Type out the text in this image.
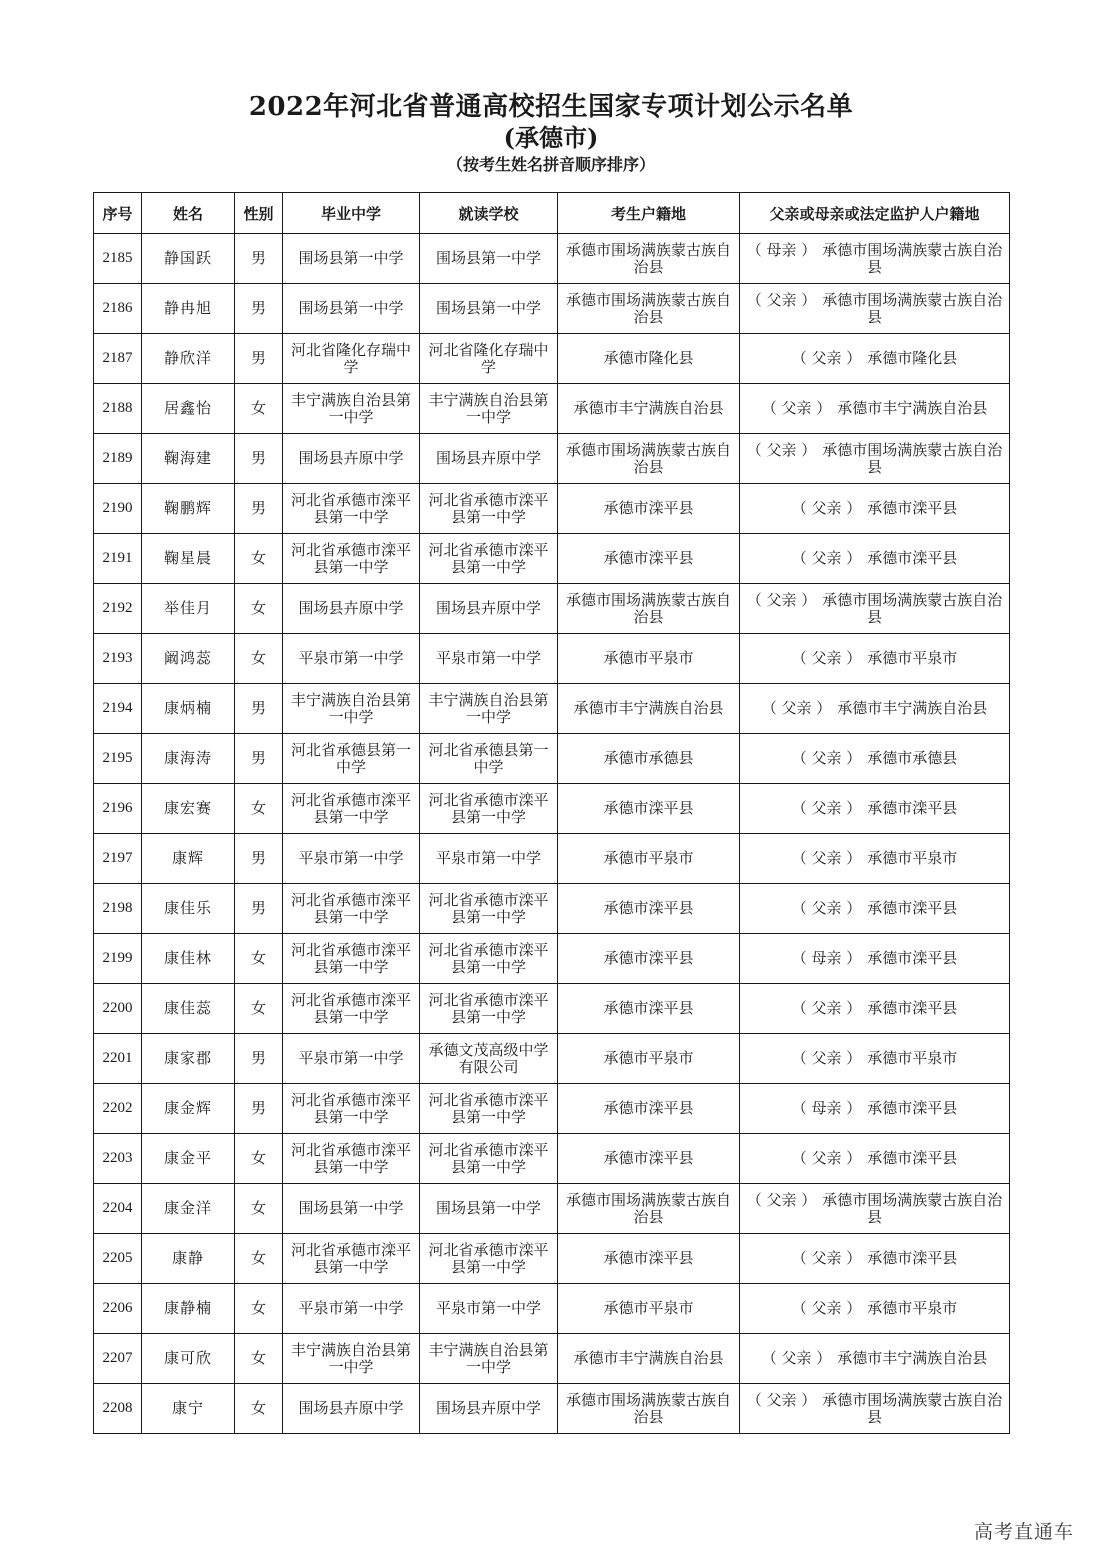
2022年河北省普通高校招生国家专项计划公示名单
(承德市)
（按考生姓名拼音顺序排序）
序号	姓名	性别	毕业中学	就读学校	考生户籍地	父亲或母亲或法定监护人户籍地
2185	静国跃	男	围场县第一中学	围场县第一中学	承德市围场满族蒙古族自治县	（ 母亲 ） 承德市围场满族蒙古族自治县
2186	静冉旭	男	围场县第一中学	围场县第一中学	承德市围场满族蒙古族自治县	（ 父亲 ） 承德市围场满族蒙古族自治县
2187	静欣洋	男	河北省隆化存瑞中学	河北省隆化存瑞中学	承德市隆化县	（ 父亲 ） 承德市隆化县
2188	居鑫怡	女	丰宁满族自治县第一中学	丰宁满族自治县第一中学	承德市丰宁满族自治县	（ 父亲 ） 承德市丰宁满族自治县
2189	鞠海建	男	围场县卉原中学	围场县卉原中学	承德市围场满族蒙古族自治县	（ 父亲 ） 承德市围场满族蒙古族自治县
2190	鞠鹏辉	男	河北省承德市滦平县第一中学	河北省承德市滦平县第一中学	承德市滦平县	（ 父亲 ） 承德市滦平县
2191	鞠星晨	女	河北省承德市滦平县第一中学	河北省承德市滦平县第一中学	承德市滦平县	（ 父亲 ） 承德市滦平县
2192	举佳月	女	围场县卉原中学	围场县卉原中学	承德市围场满族蒙古族自治县	（ 父亲 ） 承德市围场满族蒙古族自治县
2193	阚鸿蕊	女	平泉市第一中学	平泉市第一中学	承德市平泉市	（ 父亲 ） 承德市平泉市
2194	康炳楠	男	丰宁满族自治县第一中学	丰宁满族自治县第一中学	承德市丰宁满族自治县	（ 父亲 ） 承德市丰宁满族自治县
2195	康海涛	男	河北省承德县第一中学	河北省承德县第一中学	承德市承德县	（ 父亲 ） 承德市承德县
2196	康宏赛	女	河北省承德市滦平县第一中学	河北省承德市滦平县第一中学	承德市滦平县	（ 父亲 ） 承德市滦平县
2197	康辉	男	平泉市第一中学	平泉市第一中学	承德市平泉市	（ 父亲 ） 承德市平泉市
2198	康佳乐	男	河北省承德市滦平县第一中学	河北省承德市滦平县第一中学	承德市滦平县	（ 父亲 ） 承德市滦平县
2199	康佳林	女	河北省承德市滦平县第一中学	河北省承德市滦平县第一中学	承德市滦平县	（ 母亲 ） 承德市滦平县
2200	康佳蕊	女	河北省承德市滦平县第一中学	河北省承德市滦平县第一中学	承德市滦平县	（ 父亲 ） 承德市滦平县
2201	康家郡	男	平泉市第一中学	承德文茂高级中学有限公司	承德市平泉市	（ 父亲 ） 承德市平泉市
2202	康金辉	男	河北省承德市滦平县第一中学	河北省承德市滦平县第一中学	承德市滦平县	（ 母亲 ） 承德市滦平县
2203	康金平	女	河北省承德市滦平县第一中学	河北省承德市滦平县第一中学	承德市滦平县	（ 父亲 ） 承德市滦平县
2204	康金洋	女	围场县第一中学	围场县第一中学	承德市围场满族蒙古族自治县	（ 父亲 ） 承德市围场满族蒙古族自治县
2205	康静	女	河北省承德市滦平县第一中学	河北省承德市滦平县第一中学	承德市滦平县	（ 父亲 ） 承德市滦平县
2206	康静楠	女	平泉市第一中学	平泉市第一中学	承德市平泉市	（ 父亲 ） 承德市平泉市
2207	康可欣	女	丰宁满族自治县第一中学	丰宁满族自治县第一中学	承德市丰宁满族自治县	（ 父亲 ） 承德市丰宁满族自治县
2208	康宁	女	围场县卉原中学	围场县卉原中学	承德市围场满族蒙古族自治县	（ 父亲 ） 承德市围场满族蒙古族自治县
高考直通车
